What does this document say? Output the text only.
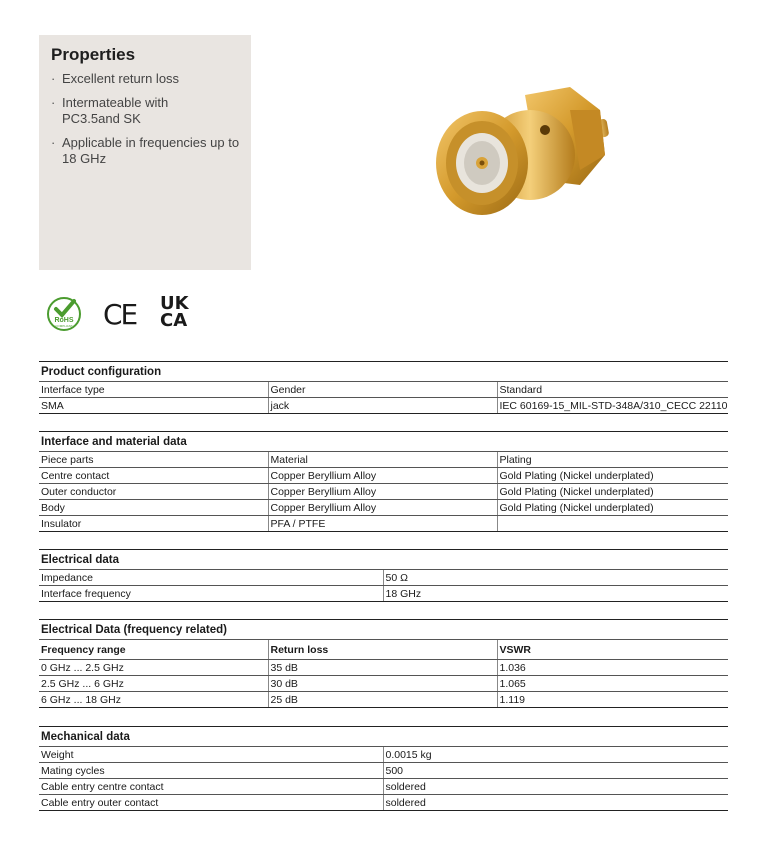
Properties
· Excellent return loss
· Intermateable with PC3.5and SK
· Applicable in frequencies up to 18 GHz
RoHS
COMPLIANT CE UK
CA
Product configuration		
Interface type	Gender	Standard
SMA	jack	IEC 60169-15_MIL-STD-348A/310_CECC 22110
Interface and material data		
Piece parts	Material	Plating
Centre contact	Copper Beryllium Alloy	Gold Plating (Nickel underplated)
Outer conductor	Copper Beryllium Alloy	Gold Plating (Nickel underplated)
Body	Copper Beryllium Alloy	Gold Plating (Nickel underplated)
Insulator	PFA / PTFE	
Electrical data	
Impedance	50 Ω
Interface frequency	18 GHz
Electrical Data (frequency related)		
Frequency range	Return loss	VSWR
0 GHz ... 2.5 GHz	35 dB	1.036
2.5 GHz ... 6 GHz	30 dB	1.065
6 GHz ... 18 GHz	25 dB	1.119
Mechanical data	
Weight	0.0015 kg
Mating cycles	500
Cable entry centre contact	soldered
Cable entry outer contact	soldered
